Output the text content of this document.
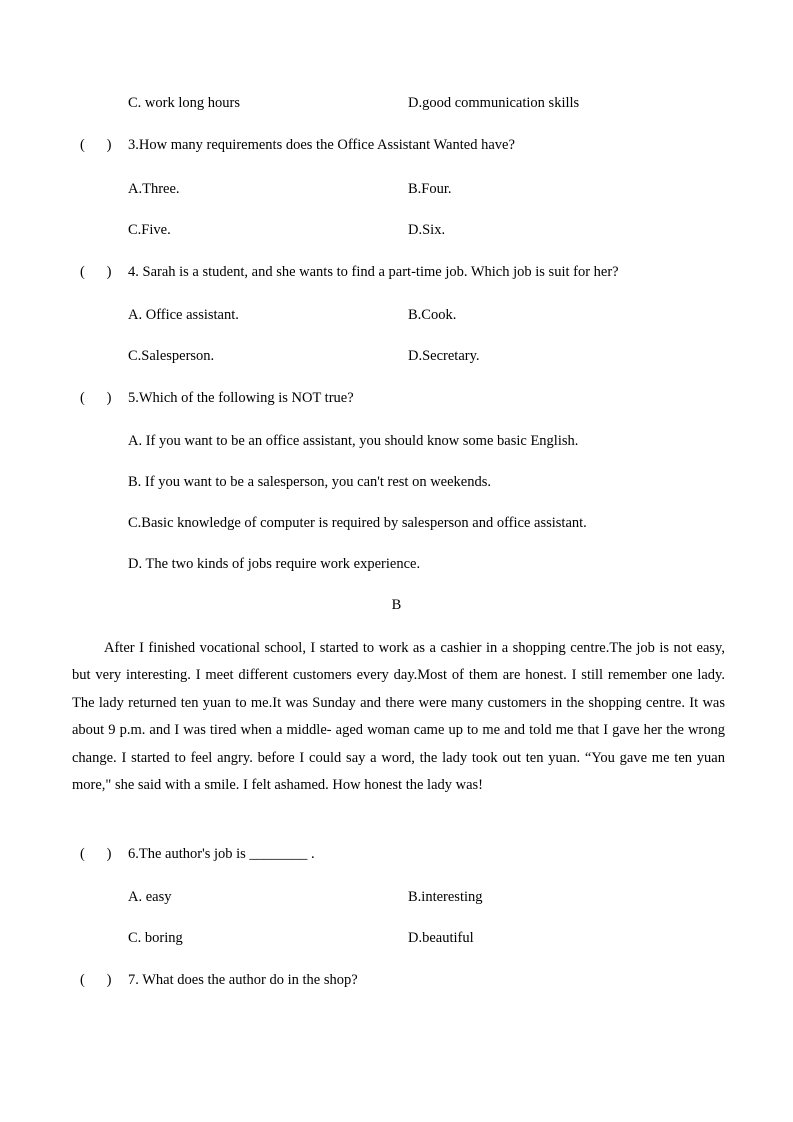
C. work long hours	D.good communication skills
(      ) 3.How many requirements does the Office Assistant Wanted have?
A.Three.	B.Four.
C.Five.	D.Six.
(      ) 4. Sarah is a student, and she wants to find a part-time job. Which job is suit for her?
A. Office assistant.	B.Cook.
C.Salesperson.	D.Secretary.
(      ) 5.Which of the following is NOT true?
A. If you want to be an office assistant, you should know some basic English.
B. If you want to be a salesperson, you can't rest on weekends.
C.Basic knowledge of computer is required by salesperson and office assistant.
D. The two kinds of jobs require work experience.
B
After I finished vocational school, I started to work as a cashier in a shopping centre.The job is not easy, but very interesting. I meet different customers every day.Most of them are honest. I still remember one lady. The lady returned ten yuan to me.It was Sunday and there were many customers in the shopping centre. It was about 9 p.m. and I was tired when a middle- aged woman came up to me and told me that I gave her the wrong change. I started to feel angry. before I could say a word, the lady took out ten yuan. “You gave me ten yuan more," she said with a smile. I felt ashamed. How honest the lady was!
(      ) 6.The author's job is ________ .
A. easy	B.interesting
C. boring	D.beautiful
(      ) 7. What does the author do in the shop?
